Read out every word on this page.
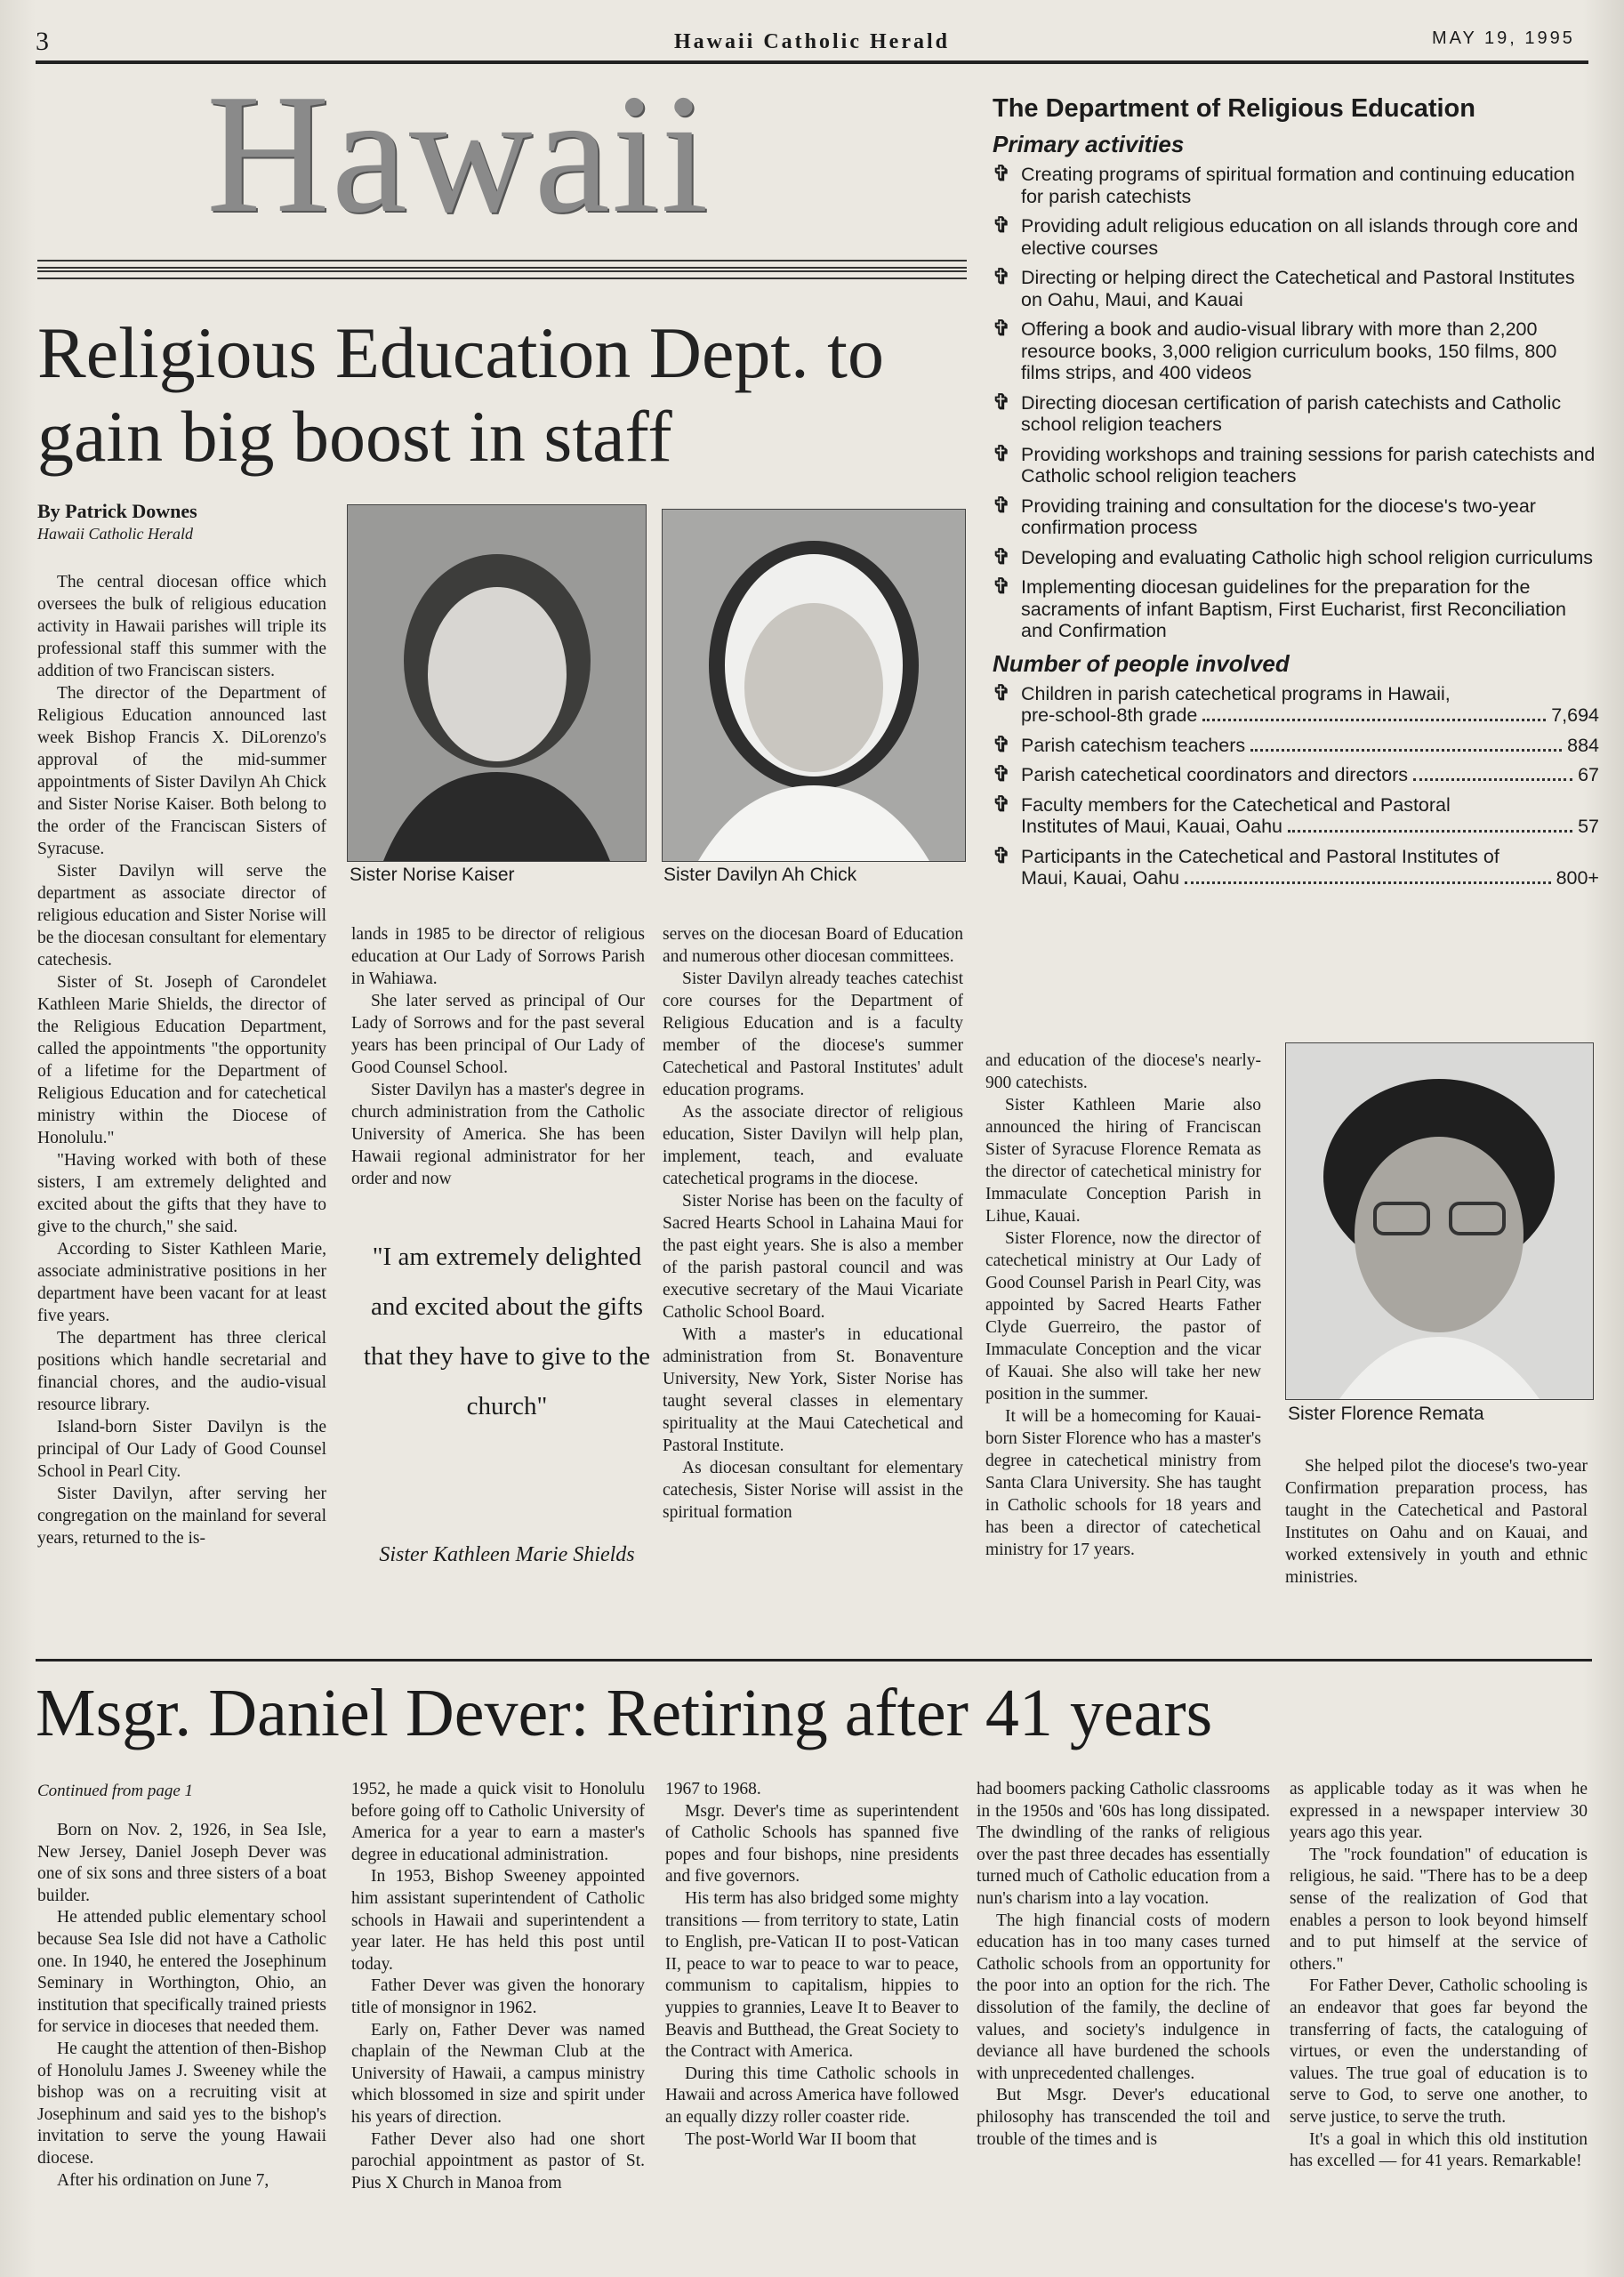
3	Hawaii Catholic Herald	MAY 19, 1995
Hawaii
Religious Education Dept. to gain big boost in staff
By Patrick Downes
Hawaii Catholic Herald

The central diocesan office which oversees the bulk of religious education activity in Hawaii parishes will triple its professional staff this summer with the addition of two Franciscan sisters.

The director of the Department of Religious Education announced last week Bishop Francis X. DiLorenzo's approval of the mid-summer appointments of Sister Davilyn Ah Chick and Sister Norise Kaiser. Both belong to the order of the Franciscan Sisters of Syracuse.

Sister Davilyn will serve the department as associate director of religious education and Sister Norise will be the diocesan consultant for elementary catechesis.

Sister of St. Joseph of Carondelet Kathleen Marie Shields, the director of the Religious Education Department, called the appointments "the opportunity of a lifetime for the Department of Religious Education and for catechetical ministry within the Diocese of Honolulu."

"Having worked with both of these sisters, I am extremely delighted and excited about the gifts that they have to give to the church," she said.

According to Sister Kathleen Marie, associate administrative positions in her department have been vacant for at least five years.

The department has three clerical positions which handle secretarial and financial chores, and the audio-visual resource library.

Island-born Sister Davilyn is the principal of Our Lady of Good Counsel School in Pearl City.

Sister Davilyn, after serving her congregation on the mainland for several years, returned to the is-

Sister Norise Kaiser	Sister Davilyn Ah Chick

lands in 1985 to be director of religious education at Our Lady of Sorrows Parish in Wahiawa.

She later served as principal of Our Lady of Sorrows and for the past several years has been principal of Our Lady of Good Counsel School.

Sister Davilyn has a master's degree in church administration from the Catholic University of America. She has been Hawaii regional administrator for her order and now

"I am extremely delighted and excited about the gifts that they have to give to the church"
Sister Kathleen Marie Shields

serves on the diocesan Board of Education and numerous other diocesan committees.

Sister Davilyn already teaches catechist core courses for the Department of Religious Education and is a faculty member of the diocese's summer Catechetical and Pastoral Institutes' adult education programs.

As the associate director of religious education, Sister Davilyn will help plan, implement, teach, and evaluate catechetical programs in the diocese.

Sister Norise has been on the faculty of Sacred Hearts School in Lahaina Maui for the past eight years. She is also a member of the parish pastoral council and was executive secretary of the Maui Vicariate Catholic School Board.

With a master's in educational administration from St. Bonaventure University, New York, Sister Norise has taught several classes in elementary spirituality at the Maui Catechetical and Pastoral Institute.

As diocesan consultant for elementary catechesis, Sister Norise will assist in the spiritual formation

and education of the diocese's nearly-900 catechists.

Sister Kathleen Marie also announced the hiring of Franciscan Sister of Syracuse Florence Remata as the director of catechetical ministry for Immaculate Conception Parish in Lihue, Kauai.

Sister Florence, now the director of catechetical ministry at Our Lady of Good Counsel Parish in Pearl City, was appointed by Sacred Hearts Father Clyde Guerreiro, the pastor of Immaculate Conception and the vicar of Kauai. She also will take her new position in the summer.

It will be a homecoming for Kauai-born Sister Florence who has a master's degree in catechetical ministry from Santa Clara University. She has taught in Catholic schools for 18 years and has been a director of catechetical ministry for 17 years.

Sister Florence Remata

She helped pilot the diocese's two-year Confirmation preparation process, has taught in the Catechetical and Pastoral Institutes on Oahu and on Kauai, and worked extensively in youth and ethnic ministries.

The Department of Religious Education
Primary activities
✞ Creating programs of spiritual formation and continuing education for parish catechists
✞ Providing adult religious education on all islands through core and elective courses
✞ Directing or helping direct the Catechetical and Pastoral Institutes on Oahu, Maui, and Kauai
✞ Offering a book and audio-visual library with more than 2,200 resource books, 3,000 religion curriculum books, 150 films, 800 films strips, and 400 videos
✞ Directing diocesan certification of parish catechists and Catholic school religion teachers
✞ Providing workshops and training sessions for parish catechists and Catholic school religion teachers
✞ Providing training and consultation for the diocese's two-year confirmation process
✞ Developing and evaluating Catholic high school religion curriculums
✞ Implementing diocesan guidelines for the preparation for the sacraments of infant Baptism, First Eucharist, first Reconciliation and Confirmation
Number of people involved
✞ Children in parish catechetical programs in Hawaii,
pre-school-8th grade	7,694
✞ Parish catechism teachers	884
✞ Parish catechetical coordinators and directors	67
✞ Faculty members for the Catechetical and Pastoral
Institutes of Maui, Kauai, Oahu	57
✞ Participants in the Catechetical and Pastoral Institutes of
Maui, Kauai, Oahu	800+
Msgr. Daniel Dever: Retiring after 41 years
Continued from page 1

Born on Nov. 2, 1926, in Sea Isle, New Jersey, Daniel Joseph Dever was one of six sons and three sisters of a boat builder.

He attended public elementary school because Sea Isle did not have a Catholic one. In 1940, he entered the Josephinum Seminary in Worthington, Ohio, an institution that specifically trained priests for service in dioceses that needed them.

He caught the attention of then-Bishop of Honolulu James J. Sweeney while the bishop was on a recruiting visit at Josephinum and said yes to the bishop's invitation to serve the young Hawaii diocese.

After his ordination on June 7,

1952, he made a quick visit to Honolulu before going off to Catholic University of America for a year to earn a master's degree in educational administration.

In 1953, Bishop Sweeney appointed him assistant superintendent of Catholic schools in Hawaii and superintendent a year later. He has held this post until today.

Father Dever was given the honorary title of monsignor in 1962.

Early on, Father Dever was named chaplain of the Newman Club at the University of Hawaii, a campus ministry which blossomed in size and spirit under his years of direction.

Father Dever also had one short parochial appointment as pastor of St. Pius X Church in Manoa from

1967 to 1968.

Msgr. Dever's time as superintendent of Catholic Schools has spanned five popes and four bishops, nine presidents and five governors.

His term has also bridged some mighty transitions — from territory to state, Latin to English, pre-Vatican II to post-Vatican II, peace to war to peace to war to peace, communism to capitalism, hippies to yuppies to grannies, Leave It to Beaver to Beavis and Butthead, the Great Society to the Contract with America.

During this time Catholic schools in Hawaii and across America have followed an equally dizzy roller coaster ride.

The post-World War II boom that

had boomers packing Catholic classrooms in the 1950s and '60s has long dissipated. The dwindling of the ranks of religious over the past three decades has essentially turned much of Catholic education from a nun's charism into a lay vocation.

The high financial costs of modern education has in too many cases turned Catholic schools from an opportunity for the poor into an option for the rich. The dissolution of the family, the decline of values, and society's indulgence in deviance all have burdened the schools with unprecedented challenges.

But Msgr. Dever's educational philosophy has transcended the toil and trouble of the times and is

as applicable today as it was when he expressed in a newspaper interview 30 years ago this year.

The "rock foundation" of education is religious, he said. "There has to be a deep sense of the realization of God that enables a person to look beyond himself and to put himself at the service of others."

For Father Dever, Catholic schooling is an endeavor that goes far beyond the transferring of facts, the cataloguing of virtues, or even the understanding of values. The true goal of education is to serve to God, to serve one another, to serve justice, to serve the truth.

It's a goal in which this old institution has excelled — for 41 years. Remarkable!
